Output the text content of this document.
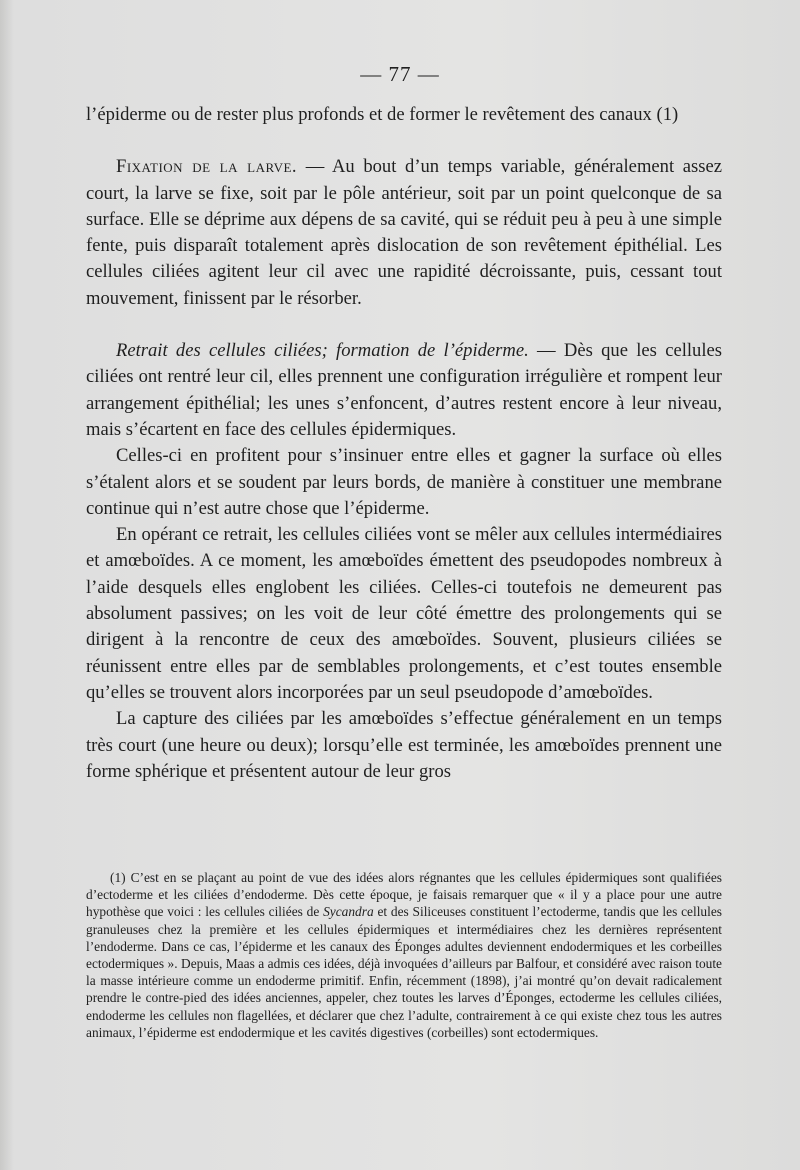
— 77 —

l’épiderme ou de rester plus profonds et de former le revêtement des canaux (1)

Fixation de la larve. — Au bout d’un temps variable, généralement assez court, la larve se fixe, soit par le pôle antérieur, soit par un point quelconque de sa surface. Elle se déprime aux dépens de sa cavité, qui se réduit peu à peu à une simple fente, puis disparaît totalement après dislocation de son revêtement épithélial. Les cellules ciliées agitent leur cil avec une rapidité décroissante, puis, cessant tout mouvement, finissent par le résorber.

Retrait des cellules ciliées; formation de l’épiderme. — Dès que les cellules ciliées ont rentré leur cil, elles prennent une configuration irrégulière et rompent leur arrangement épithélial; les unes s’enfoncent, d’autres restent encore à leur niveau, mais s’écartent en face des cellules épidermiques.

Celles-ci en profitent pour s’insinuer entre elles et gagner la surface où elles s’étalent alors et se soudent par leurs bords, de manière à constituer une membrane continue qui n’est autre chose que l’épiderme.

En opérant ce retrait, les cellules ciliées vont se mêler aux cellules intermédiaires et amœboïdes. A ce moment, les amœboïdes émettent des pseudopodes nombreux à l’aide desquels elles englobent les ciliées. Celles-ci toutefois ne demeurent pas absolument passives; on les voit de leur côté émettre des prolongements qui se dirigent à la rencontre de ceux des amœboïdes. Souvent, plusieurs ciliées se réunissent entre elles par de semblables prolongements, et c’est toutes ensemble qu’elles se trouvent alors incorporées par un seul pseudopode d’amœboïdes.

La capture des ciliées par les amœboïdes s’effectue généralement en un temps très court (une heure ou deux); lorsqu’elle est terminée, les amœboïdes prennent une forme sphérique et présentent autour de leur gros

(1) C’est en se plaçant au point de vue des idées alors régnantes que les cellules épidermiques sont qualifiées d’ectoderme et les ciliées d’endoderme. Dès cette époque, je faisais remarquer que « il y a place pour une autre hypothèse que voici : les cellules ciliées de Sycandra et des Siliceuses constituent l’ectoderme, tandis que les cellules granuleuses chez la première et les cellules épidermiques et intermédiaires chez les dernières représentent l’endoderme. Dans ce cas, l’épiderme et les canaux des Éponges adultes deviennent endodermiques et les corbeilles ectodermiques ». Depuis, Maas a admis ces idées, déjà invoquées d’ailleurs par Balfour, et considéré avec raison toute la masse intérieure comme un endoderme primitif. Enfin, récemment (1898), j’ai montré qu’on devait radicalement prendre le contre-pied des idées anciennes, appeler, chez toutes les larves d’Éponges, ectoderme les cellules ciliées, endoderme les cellules non flagellées, et déclarer que chez l’adulte, contrairement à ce qui existe chez tous les autres animaux, l’épiderme est endodermique et les cavités digestives (corbeilles) sont ectodermiques.
